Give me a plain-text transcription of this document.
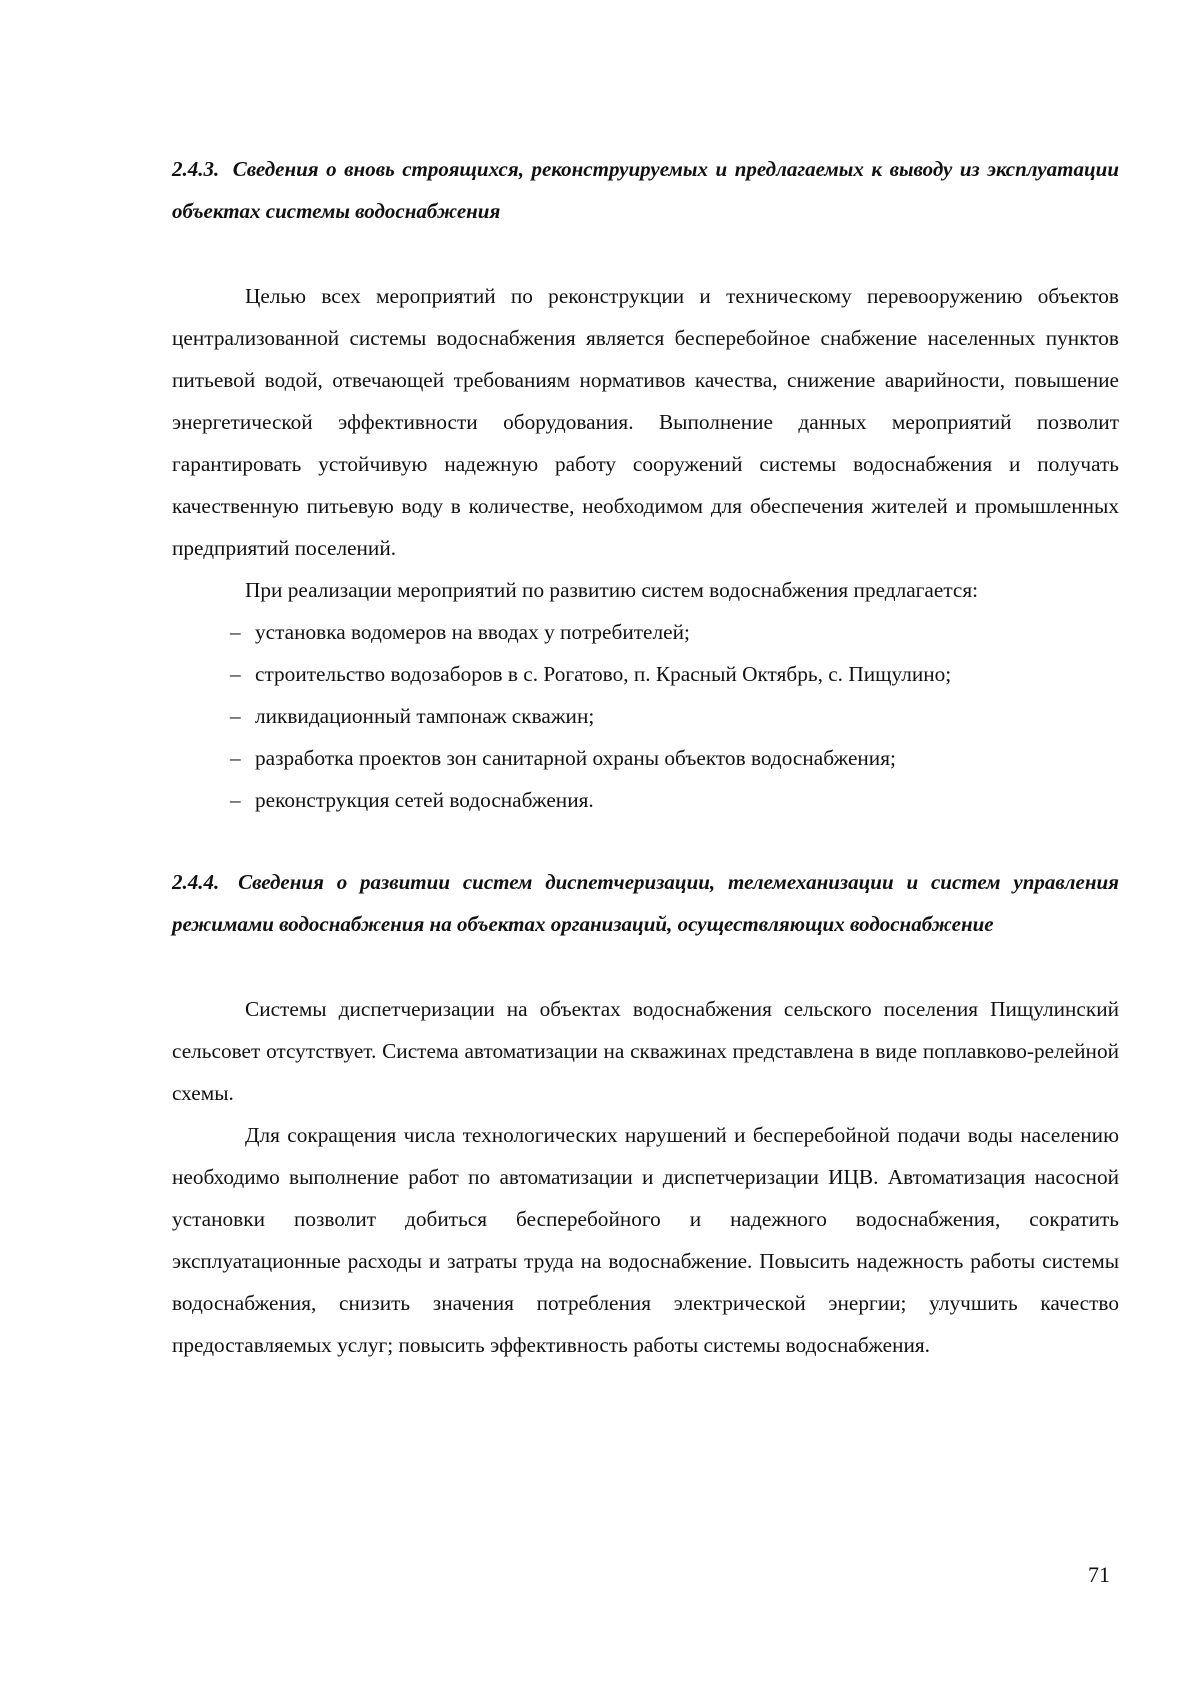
2.4.3. Сведения о вновь строящихся, реконструируемых и предлагаемых к выводу из эксплуатации объектах системы водоснабжения

Целью всех мероприятий по реконструкции и техническому перевооружению объектов централизованной системы водоснабжения является бесперебойное снабжение населенных пунктов питьевой водой, отвечающей требованиям нормативов качества, снижение аварийности, повышение энергетической эффективности оборудования. Выполнение данных мероприятий позволит гарантировать устойчивую надежную работу сооружений системы водоснабжения и получать качественную питьевую воду в количестве, необходимом для обеспечения жителей и промышленных предприятий поселений.

При реализации мероприятий по развитию систем водоснабжения предлагается:

– установка водомеров на вводах у потребителей;
– строительство водозаборов в с. Рогатово, п. Красный Октябрь, с. Пищулино;
– ликвидационный тампонаж скважин;
– разработка проектов зон санитарной охраны объектов водоснабжения;
– реконструкция сетей водоснабжения.
2.4.4. Сведения о развитии систем диспетчеризации, телемеханизации и систем управления режимами водоснабжения на объектах организаций, осуществляющих водоснабжение

Системы диспетчеризации на объектах водоснабжения сельского поселения Пищулинский сельсовет отсутствует. Система автоматизации на скважинах представлена в виде поплавково-релейной схемы.

Для сокращения числа технологических нарушений и бесперебойной подачи воды населению необходимо выполнение работ по автоматизации и диспетчеризации ИЦВ. Автоматизация насосной установки позволит добиться бесперебойного и надежного водоснабжения, сократить эксплуатационные расходы и затраты труда на водоснабжение. Повысить надежность работы системы водоснабжения, снизить значения потребления электрической энергии; улучшить качество предоставляемых услуг; повысить эффективность работы системы водоснабжения.

71
